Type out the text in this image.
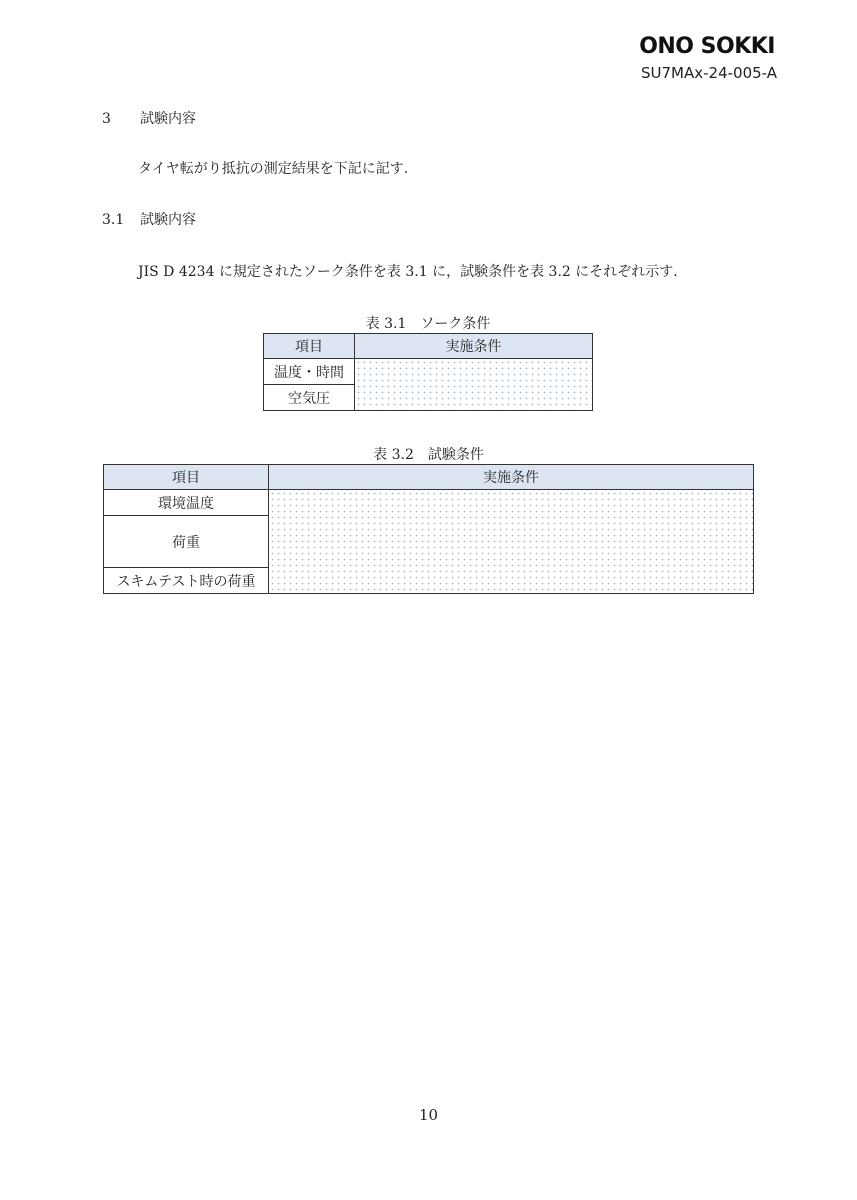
ONO SOKKI
SU7MAx-24-005-A
3 試験内容
タイヤ転がり抵抗の測定結果を下記に記す.
3.1 試験内容
JIS D 4234 に規定されたソーク条件を表 3.1 に，試験条件を表 3.2 にそれぞれ示す.
表 3.1　ソーク条件
項目	実施条件
温度・時間	
空気圧	
表 3.2　試験条件
項目	実施条件
環境温度	
荷重	
スキムテスト時の荷重	
10
